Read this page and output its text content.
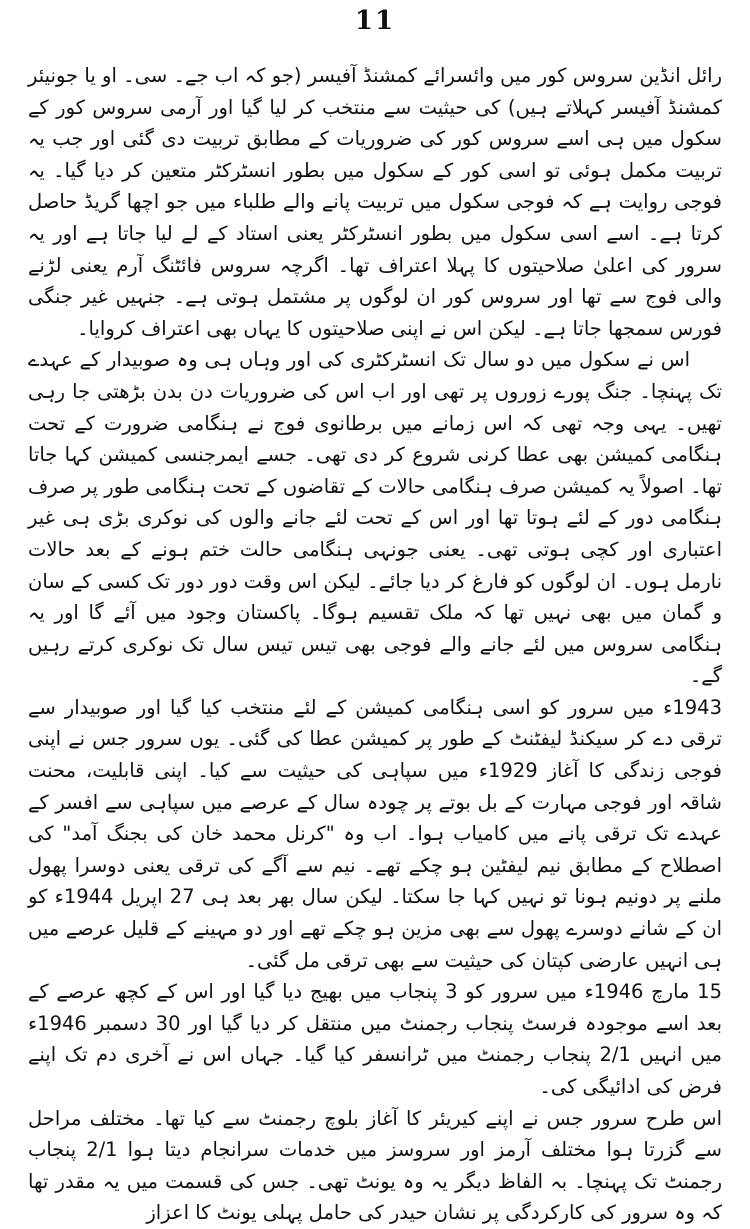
11

رائل انڈین سروس کور میں وائسرائے کمشنڈ آفیسر (جو کہ اب جے۔ سی۔ او یا جونیئر کمشنڈ آفیسر کہلاتے ہیں) کی حیثیت سے منتخب کر لیا گیا اور آرمی سروس کور کے سکول میں ہی اسے سروس کور کی ضروریات کے مطابق تربیت دی گئی اور جب یہ تربیت مکمل ہوئی تو اسی کور کے سکول میں بطور انسٹرکٹر متعین کر دیا گیا۔ یہ فوجی روایت ہے کہ فوجی سکول میں تربیت پانے والے طلباء میں جو اچھا گریڈ حاصل کرتا ہے۔ اسے اسی سکول میں بطور انسٹرکٹر یعنی استاد کے لے لیا جاتا ہے اور یہ سرور کی اعلیٰ صلاحیتوں کا پہلا اعتراف تھا۔ اگرچہ سروس فائٹنگ آرم یعنی لڑنے والی فوج سے تھا اور سروس کور ان لوگوں پر مشتمل ہوتی ہے۔ جنہیں غیر جنگی فورس سمجھا جاتا ہے۔ لیکن اس نے اپنی صلاحیتوں کا یہاں بھی اعتراف کروایا۔

اس نے سکول میں دو سال تک انسٹرکٹری کی اور وہاں ہی وہ صوبیدار کے عہدے تک پہنچا۔ جنگ پورے زوروں پر تھی اور اب اس کی ضروریات دن بدن بڑھتی جا رہی تھیں۔ یہی وجہ تھی کہ اس زمانے میں برطانوی فوج نے ہنگامی ضرورت کے تحت ہنگامی کمیشن بھی عطا کرنی شروع کر دی تھی۔ جسے ایمرجنسی کمیشن کہا جاتا تھا۔ اصولاً یہ کمیشن صرف ہنگامی حالات کے تقاضوں کے تحت ہنگامی طور پر صرف ہنگامی دور کے لئے ہوتا تھا اور اس کے تحت لئے جانے والوں کی نوکری بڑی ہی غیر اعتباری اور کچی ہوتی تھی۔ یعنی جونہی ہنگامی حالت ختم ہونے کے بعد حالات نارمل ہوں۔ ان لوگوں کو فارغ کر دیا جائے۔ لیکن اس وقت دور دور تک کسی کے سان و گمان میں بھی نہیں تھا کہ ملک تقسیم ہوگا۔ پاکستان وجود میں آئے گا اور یہ ہنگامی سروس میں لئے جانے والے فوجی بھی تیس تیس سال تک نوکری کرتے رہیں گے۔

1943ء میں سرور کو اسی ہنگامی کمیشن کے لئے منتخب کیا گیا اور صوبیدار سے ترقی دے کر سیکنڈ لیفٹنٹ کے طور پر کمیشن عطا کی گئی۔ یوں سرور جس نے اپنی فوجی زندگی کا آغاز 1929ء میں سپاہی کی حیثیت سے کیا۔ اپنی قابلیت، محنت شاقہ اور فوجی مہارت کے بل بوتے پر چودہ سال کے عرصے میں سپاہی سے افسر کے عہدے تک ترقی پانے میں کامیاب ہوا۔ اب وہ "کرنل محمد خان کی بجنگ آمد" کی اصطلاح کے مطابق نیم لیفٹین ہو چکے تھے۔ نیم سے آگے کی ترقی یعنی دوسرا پھول ملنے پر دونیم ہونا تو نہیں کہا جا سکتا۔ لیکن سال بھر بعد ہی 27 اپریل 1944ء کو ان کے شانے دوسرے پھول سے بھی مزین ہو چکے تھے اور دو مہینے کے قلیل عرصے میں ہی انہیں عارضی کپتان کی حیثیت سے بھی ترقی مل گئی۔

15 مارچ 1946ء میں سرور کو 3 پنجاب میں بھیج دیا گیا اور اس کے کچھ عرصے کے بعد اسے موجودہ فرسٹ پنجاب رجمنٹ میں منتقل کر دیا گیا اور 30 دسمبر 1946ء میں انہیں 2/1 پنجاب رجمنٹ میں ٹرانسفر کیا گیا۔ جہاں اس نے آخری دم تک اپنے فرض کی ادائیگی کی۔

اس طرح سرور جس نے اپنے کیریئر کا آغاز بلوچ رجمنٹ سے کیا تھا۔ مختلف مراحل سے گزرتا ہوا مختلف آرمز اور سروسز میں خدمات سرانجام دیتا ہوا 2/1 پنجاب رجمنٹ تک پہنچا۔ بہ الفاظ دیگر یہ وہ یونٹ تھی۔ جس کی قسمت میں یہ مقدر تھا کہ وہ سرور کی کارکردگی پر نشان حیدر کی حامل پہلی یونٹ کا اعزاز
